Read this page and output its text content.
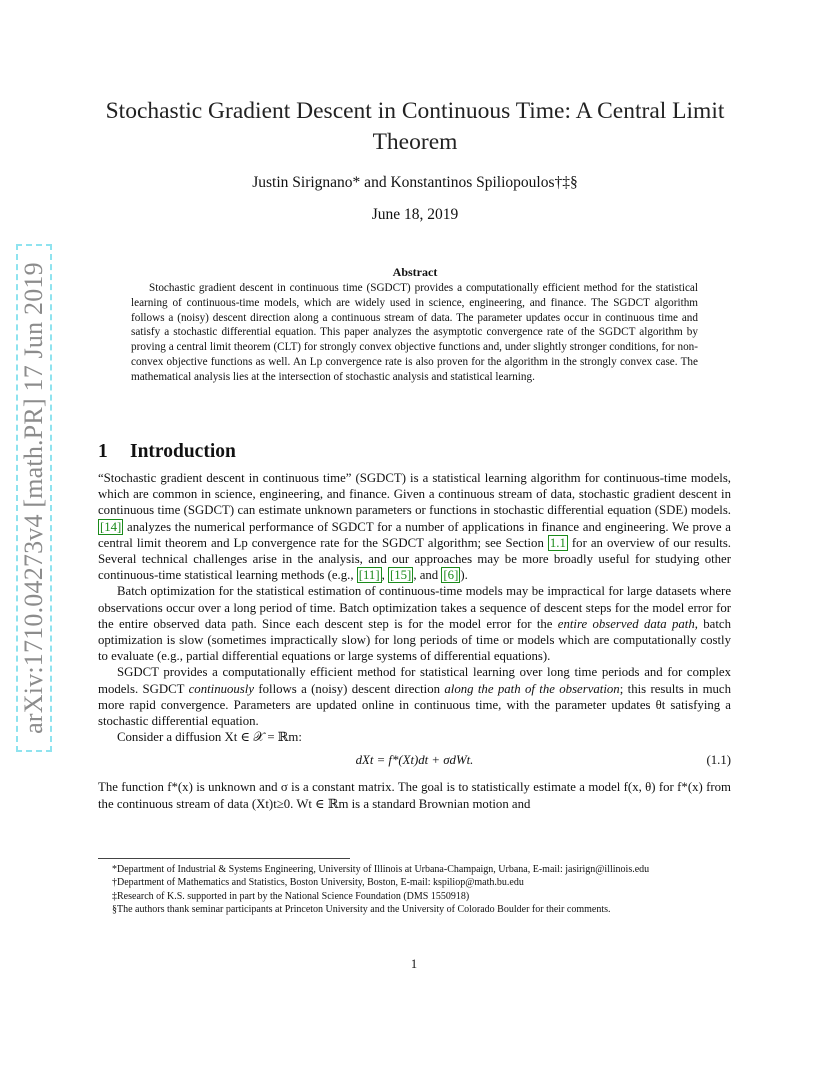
arXiv:1710.04273v4 [math.PR] 17 Jun 2019
Stochastic Gradient Descent in Continuous Time: A Central Limit Theorem
Justin Sirignano* and Konstantinos Spiliopoulos†‡§
June 18, 2019
Abstract

Stochastic gradient descent in continuous time (SGDCT) provides a computationally efficient method for the statistical learning of continuous-time models, which are widely used in science, engineering, and finance. The SGDCT algorithm follows a (noisy) descent direction along a continuous stream of data. The parameter updates occur in continuous time and satisfy a stochastic differential equation. This paper analyzes the asymptotic convergence rate of the SGDCT algorithm by proving a central limit theorem (CLT) for strongly convex objective functions and, under slightly stronger conditions, for non-convex objective functions as well. An Lp convergence rate is also proven for the algorithm in the strongly convex case. The mathematical analysis lies at the intersection of stochastic analysis and statistical learning.

1 Introduction

“Stochastic gradient descent in continuous time” (SGDCT) is a statistical learning algorithm for continuous-time models, which are common in science, engineering, and finance. Given a continuous stream of data, stochastic gradient descent in continuous time (SGDCT) can estimate unknown parameters or functions in stochastic differential equation (SDE) models. [14] analyzes the numerical performance of SGDCT for a number of applications in finance and engineering. We prove a central limit theorem and Lp convergence rate for the SGDCT algorithm; see Section 1.1 for an overview of our results. Several technical challenges arise in the analysis, and our approaches may be more broadly useful for studying other continuous-time statistical learning methods (e.g., [11] , [15] , and [6] ).

Batch optimization for the statistical estimation of continuous-time models may be impractical for large datasets where observations occur over a long period of time. Batch optimization takes a sequence of descent steps for the model error for the entire observed data path. Since each descent step is for the model error for the entire observed data path, batch optimization is slow (sometimes impractically slow) for long periods of time or models which are computationally costly to evaluate (e.g., partial differential equations or large systems of differential equations).

SGDCT provides a computationally efficient method for statistical learning over long time periods and for complex models. SGDCT continuously follows a (noisy) descent direction along the path of the observation; this results in much more rapid convergence. Parameters are updated online in continuous time, with the parameter updates θt satisfying a stochastic differential equation.

Consider a diffusion Xt ∈ 𝒳 = ℝm:

dXt = f*(Xt)dt + σdWt.	(1.1)

The function f*(x) is unknown and σ is a constant matrix. The goal is to statistically estimate a model f(x, θ) for f*(x) from the continuous stream of data (Xt)t≥0. Wt ∈ ℝm is a standard Brownian motion and

*Department of Industrial & Systems Engineering, University of Illinois at Urbana-Champaign, Urbana, E-mail: jasirign@illinois.edu

†Department of Mathematics and Statistics, Boston University, Boston, E-mail: kspiliop@math.bu.edu

‡Research of K.S. supported in part by the National Science Foundation (DMS 1550918)

§The authors thank seminar participants at Princeton University and the University of Colorado Boulder for their comments.

1
